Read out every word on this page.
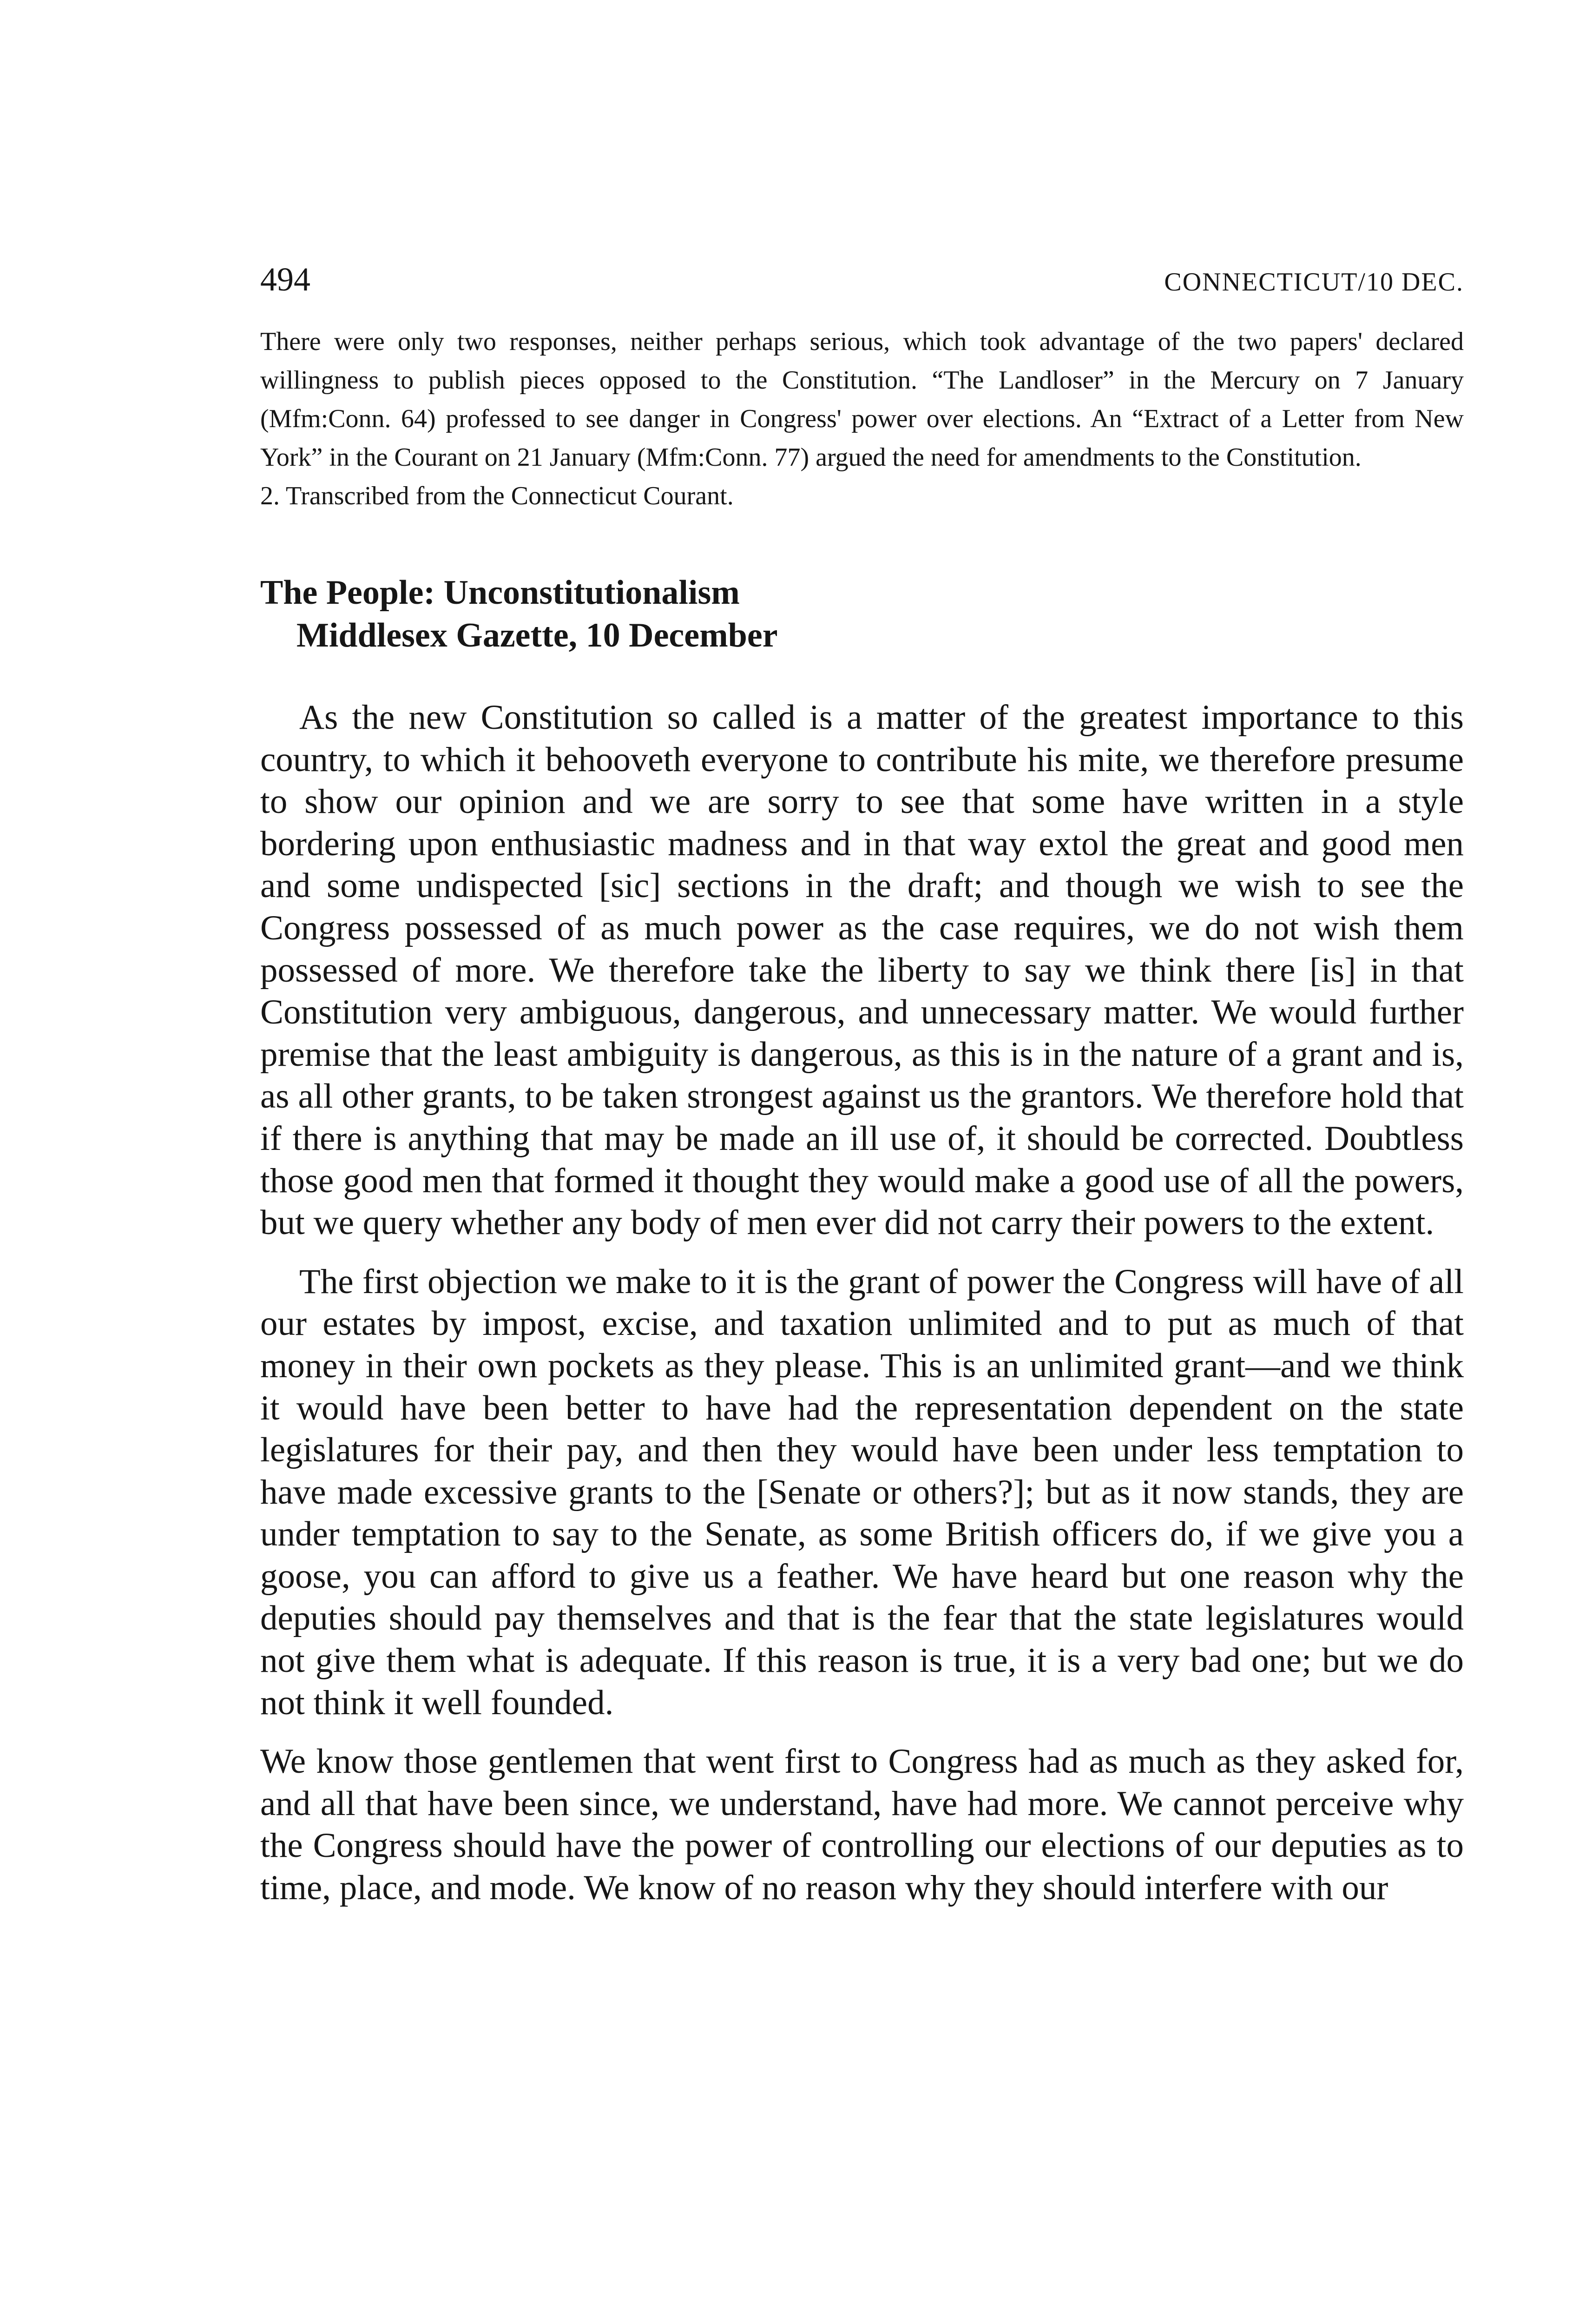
494	CONNECTICUT/10 DEC.

There were only two responses, neither perhaps serious, which took advantage of the two papers' declared willingness to publish pieces opposed to the Constitution. “The Landloser” in the Mercury on 7 January (Mfm:Conn. 64) professed to see danger in Congress' power over elections. An “Extract of a Letter from New York” in the Courant on 21 January (Mfm:Conn. 77) argued the need for amendments to the Constitution.

2. Transcribed from the Connecticut Courant.

The People: Unconstitutionalism
Middlesex Gazette, 10 December

As the new Constitution so called is a matter of the greatest importance to this country, to which it behooveth everyone to contribute his mite, we therefore presume to show our opinion and we are sorry to see that some have written in a style bordering upon enthusiastic madness and in that way extol the great and good men and some undispected [sic] sections in the draft; and though we wish to see the Congress possessed of as much power as the case requires, we do not wish them possessed of more. We therefore take the liberty to say we think there [is] in that Constitution very ambiguous, dangerous, and unnecessary matter. We would further premise that the least ambiguity is dangerous, as this is in the nature of a grant and is, as all other grants, to be taken strongest against us the grantors. We therefore hold that if there is anything that may be made an ill use of, it should be corrected. Doubtless those good men that formed it thought they would make a good use of all the powers, but we query whether any body of men ever did not carry their powers to the extent.

The first objection we make to it is the grant of power the Congress will have of all our estates by impost, excise, and taxation unlimited and to put as much of that money in their own pockets as they please. This is an unlimited grant—and we think it would have been better to have had the representation dependent on the state legislatures for their pay, and then they would have been under less temptation to have made excessive grants to the [Senate or others?]; but as it now stands, they are under temptation to say to the Senate, as some British officers do, if we give you a goose, you can afford to give us a feather. We have heard but one reason why the deputies should pay themselves and that is the fear that the state legislatures would not give them what is adequate. If this reason is true, it is a very bad one; but we do not think it well founded.

We know those gentlemen that went first to Congress had as much as they asked for, and all that have been since, we understand, have had more. We cannot perceive why the Congress should have the power of controlling our elections of our deputies as to time, place, and mode. We know of no reason why they should interfere with our
